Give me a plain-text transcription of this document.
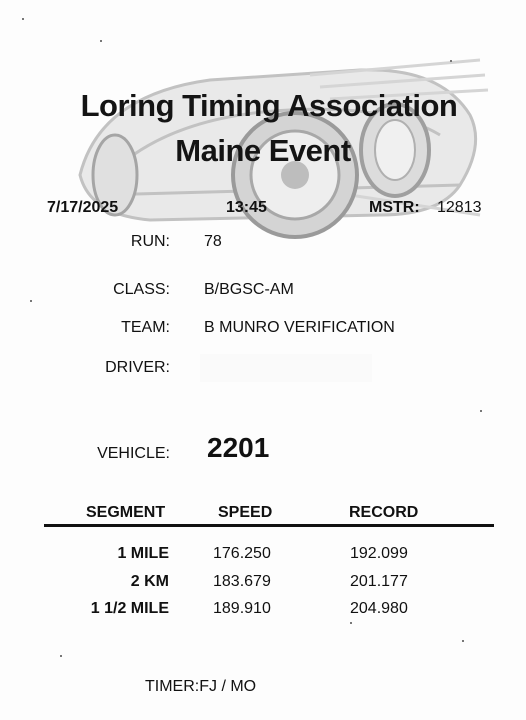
Loring Timing Association
Maine Event
7/17/2025	13:45	MSTR: 12813
RUN: 78
CLASS: B/BGSC-AM
TEAM: B MUNRO VERIFICATION
DRIVER:
VEHICLE: 2201
SEGMENT	SPEED	RECORD
1 MILE	176.250	192.099
2 KM	183.679	201.177
1 1/2 MILE	189.910	204.980
TIMER:FJ / MO
